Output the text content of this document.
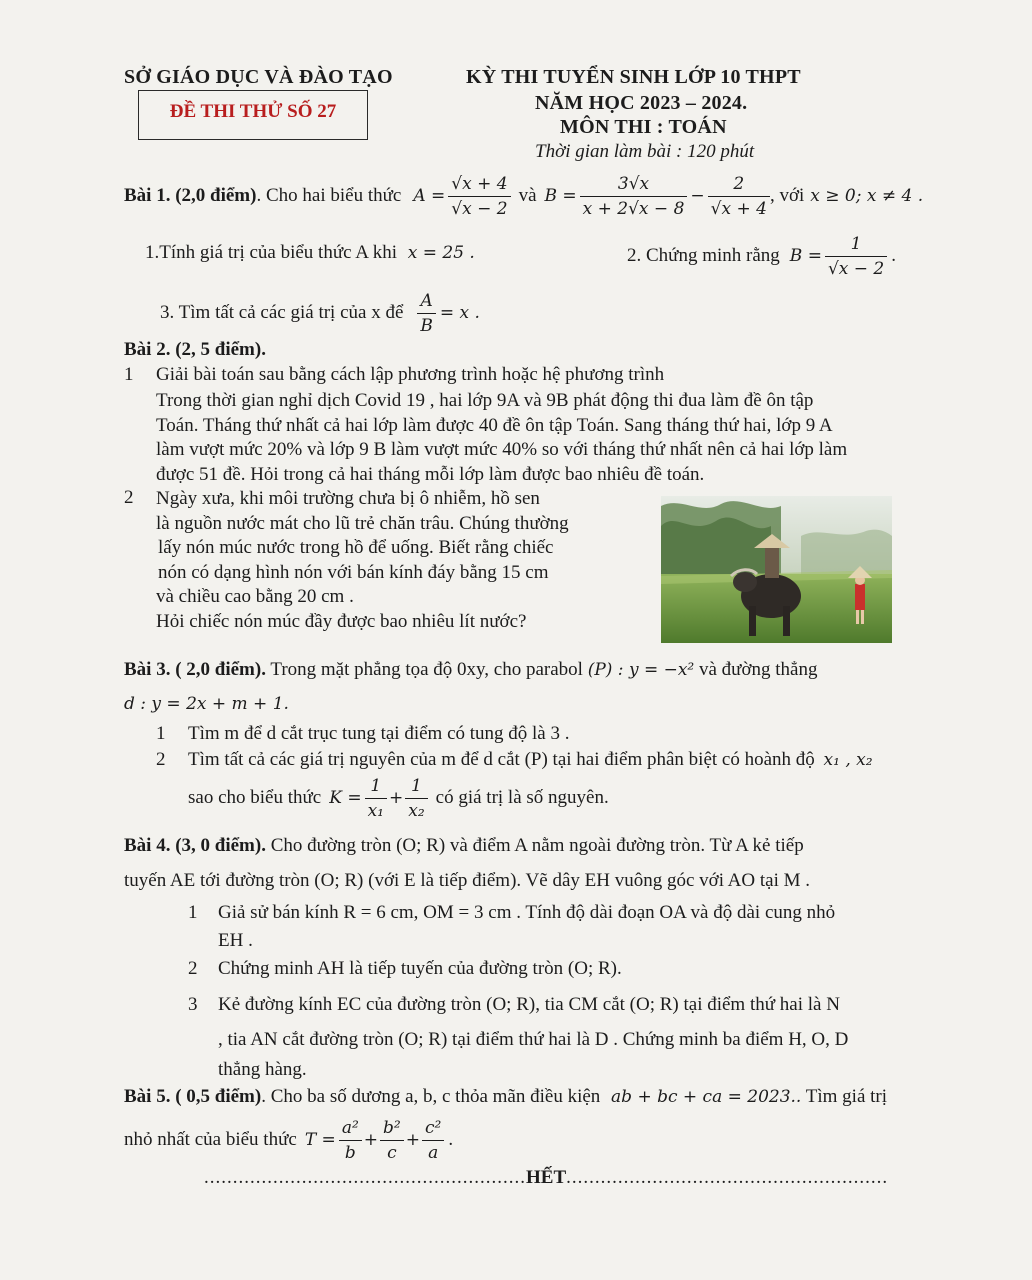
SỞ GIÁO DỤC VÀ ĐÀO TẠO	KỲ THI TUYỂN SINH LỚP 10 THPT
ĐỀ THI THỬ SỐ 27	NĂM HỌC 2023 – 2024.
MÔN THI : TOÁN
Thời gian làm bài : 120 phút
Bài 1. (2,0 điểm) . Cho hai biểu thức $A = \frac{√x + 4}{√x - 2}$ và $B = \frac{3√x}{x + 2√x - 8} - \frac{2}{√x + 4}$ , với x ≥ 0; x ≠ 4 .
1.Tính giá trị của biểu thức A khi x = 25 .	2. Chứng minh rằng $B = \frac{1}{√x - 2}$ .
3. Tìm tất cả các giá trị của x để $\frac{A}{B} = x$ .
Bài 2. (2, 5 điểm).
1 Giải bài toán sau bằng cách lập phương trình hoặc hệ phương trình

Trong thời gian nghỉ dịch Covid 19 , hai lớp 9A và 9B phát động thi đua làm đề ôn tập

Toán. Tháng thứ nhất cả hai lớp làm được 40 đề ôn tập Toán. Sang tháng thứ hai, lớp 9 A

làm vượt mức 20% và lớp 9 B làm vượt mức 40% so với tháng thứ nhất nên cả hai lớp làm

được 51 đề. Hỏi trong cả hai tháng mỗi lớp làm được bao nhiêu đề toán.

2 Ngày xưa, khi môi trường chưa bị ô nhiễm, hồ sen

là nguồn nước mát cho lũ trẻ chăn trâu. Chúng thường

lấy nón múc nước trong hồ để uống. Biết rằng chiếc

nón có dạng hình nón với bán kính đáy bằng 15 cm

và chiều cao bằng 20 cm .

Hỏi chiếc nón múc đầy được bao nhiêu lít nước?

Bài 3. ( 2,0 điểm). Trong mặt phẳng tọa độ 0xy, cho parabol (P) : y = −x² và đường thẳng
d : y = 2x + m + 1.
1 Tìm m để d cắt trục tung tại điểm có tung độ là 3 .
2 Tìm tất cả các giá trị nguyên của m để d cắt (P) tại hai điểm phân biệt có hoành độ x₁ , x₂
sao cho biểu thức $K = \frac{1}{\text{x₁}} + \frac{1}{\text{x₂}}$ có giá trị là số nguyên.
Bài 4. (3, 0 điểm). Cho đường tròn (O; R) và điểm A nằm ngoài đường tròn. Từ A kẻ tiếp
tuyến AE tới đường tròn (O; R) (với E là tiếp điểm). Vẽ dây EH vuông góc với AO tại M .
1 Giả sử bán kính R = 6 cm, OM = 3 cm . Tính độ dài đoạn OA và độ dài cung nhỏ
EH .
2 Chứng minh AH là tiếp tuyến của đường tròn (O; R).
3 Kẻ đường kính EC của đường tròn (O; R), tia CM cắt (O; R) tại điểm thứ hai là N
, tia AN cắt đường tròn (O; R) tại điểm thứ hai là D . Chứng minh ba điểm H, O, D
thẳng hàng.
Bài 5. ( 0,5 điểm). Cho ba số dương a, b, c thỏa mãn điều kiện ab + bc + ca = 2023.. Tìm giá trị
nhỏ nhất của biểu thức $T = \frac{\text{a²}}{b} + \frac{\text{b²}}{c} + \frac{\text{c²}}{a}$ .
........................................................HẾT........................................................
